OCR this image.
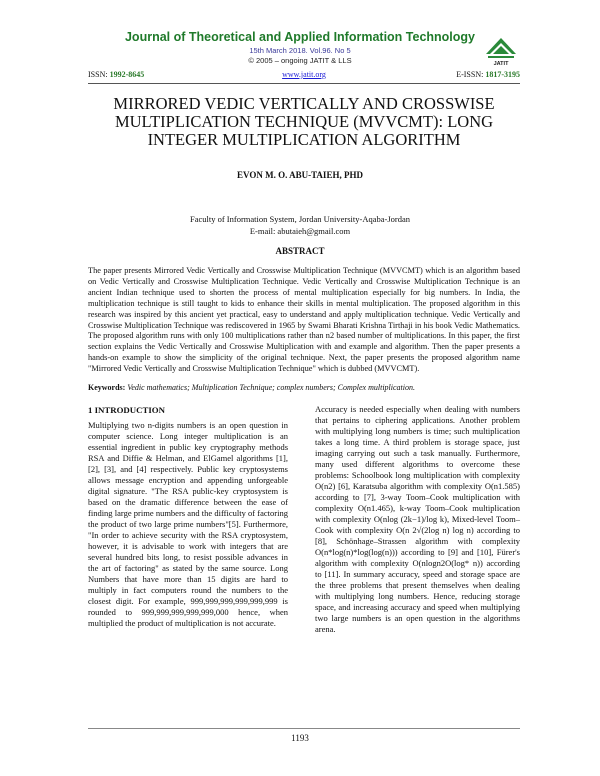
Journal of Theoretical and Applied Information Technology
15th March 2018. Vol.96. No 5
© 2005 – ongoing JATIT & LLS	JATIT
ISSN: 1992-8645	www.jatit.org	E-ISSN: 1817-3195
MIRRORED VEDIC VERTICALLY AND CROSSWISE
MULTIPLICATION TECHNIQUE (MVVCMT): LONG
INTEGER MULTIPLICATION ALGORITHM
EVON M. O. ABU-TAIEH, PHD
Faculty of Information System, Jordan University-Aqaba-Jordan
E-mail: abutaieh@gmail.com
ABSTRACT
The paper presents Mirrored Vedic Vertically and Crosswise Multiplication Technique (MVVCMT) which is an algorithm based on Vedic Vertically and Crosswise Multiplication Technique. Vedic Vertically and Crosswise Multiplication Technique is an ancient Indian technique used to shorten the process of mental multiplication especially for big numbers. In India, the multiplication technique is still taught to kids to enhance their skills in mental multiplication. The proposed algorithm in this research was inspired by this ancient yet practical, easy to understand and apply multiplication technique. Vedic Vertically and Crosswise Multiplication Technique was rediscovered in 1965 by Swami Bharati Krishna Tirthaji in his book Vedic Mathematics. The proposed algorithm runs with only 100 multiplications rather than n2 based number of multiplications. In this paper, the first section explains the Vedic Vertically and Crosswise Multiplication with and example and algorithm. Then the paper presents a hands-on example to show the simplicity of the original technique. Next, the paper presents the proposed algorithm name "Mirrored Vedic Vertically and Crosswise Multiplication Technique" which is dubbed (MVVCMT).
Keywords: Vedic mathematics; Multiplication Technique; complex numbers; Complex multiplication.
1 INTRODUCTION
Multiplying two n-digits numbers is an open question in computer science. Long integer multiplication is an essential ingredient in public key cryptography methods RSA and Diffie & Helman, and ElGamel algorithms [1], [2], [3], and [4] respectively. Public key cryptosystems allows message encryption and appending unforgeable digital signature. "The RSA public-key cryptosystem is based on the dramatic difference between the ease of finding large prime numbers and the difficulty of factoring the product of two large prime numbers"[5]. Furthermore, "In order to achieve security with the RSA cryptosystem, however, it is advisable to work with integers that are several hundred bits long, to resist possible advances in the art of factoring" as stated by the same source. Long Numbers that have more than 15 digits are hard to multiply in fact computers round the numbers to the closest digit. For example, 999,999,999,999,999,999 is rounded to 999,999,999,999,999,000 hence, when multiplied the product of multiplication is not accurate.
Accuracy is needed especially when dealing with numbers that pertains to ciphering applications. Another problem with multiplying long numbers is time; such multiplication takes a long time. A third problem is storage space, just imaging carrying out such a task manually. Furthermore, many used different algorithms to overcome these problems: Schoolbook long multiplication with complexity O(n2) [6], Karatsuba algorithm with complexity O(n1.585) according to [7], 3-way Toom–Cook multiplication with complexity O(n1.465), k-way Toom–Cook multiplication with complexity O(nlog (2k−1)/log k), Mixed-level Toom–Cook with complexity O(n 2√(2log n) log n) according to [8], Schönhage–Strassen algorithm with complexity O(n*log(n)*log(log(n))) according to [9] and [10], Fürer's algorithm with complexity O(nlogn2O(log* n)) according to [11]. In summary accuracy, speed and storage space are the three problems that present themselves when dealing with multiplying long numbers. Hence, reducing storage space, and increasing accuracy and speed when multiplying two large numbers is an open question in the algorithms arena.
1193
